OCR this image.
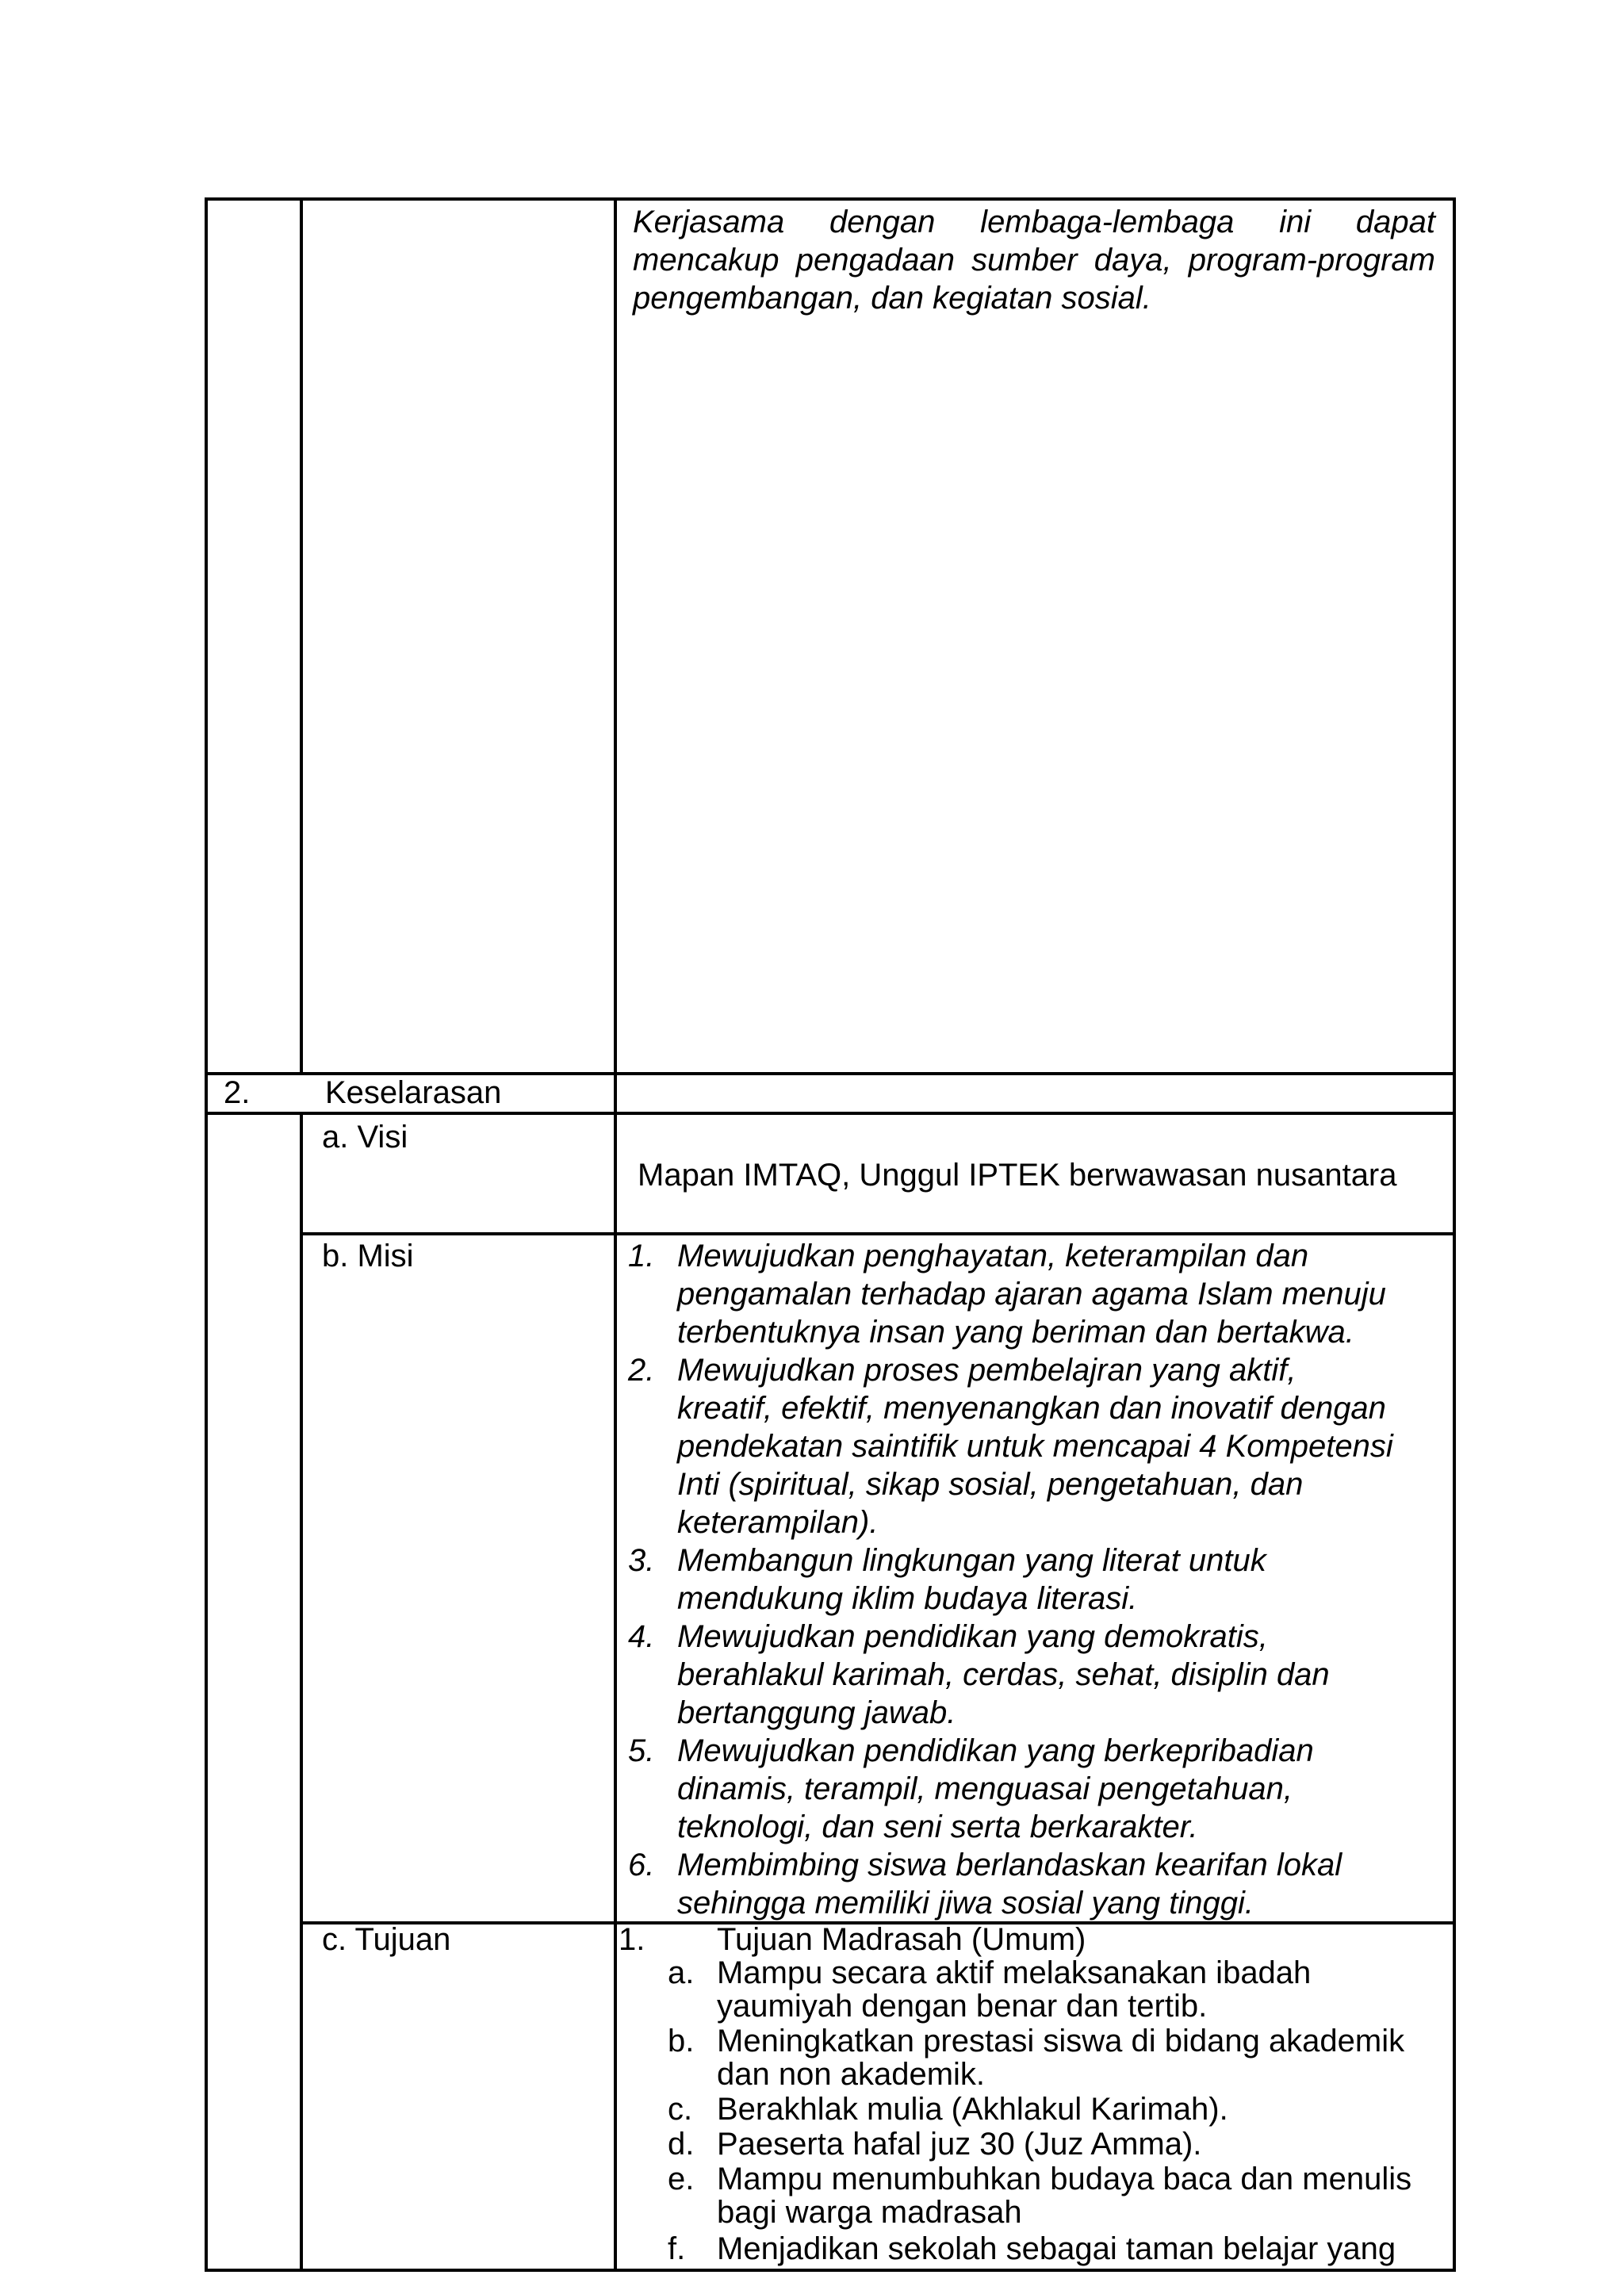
Kerjasama dengan lembaga-lembaga ini dapat
mencakup pengadaan sumber daya, program-program
pengembangan, dan kegiatan sosial.
2. Keselarasan
a. Visi
Mapan IMTAQ, Unggul IPTEK berwawasan nusantara
b. Misi	1. Mewujudkan penghayatan, keterampilan dan
pengamalan terhadap ajaran agama Islam menuju
terbentuknya insan yang beriman dan bertakwa.
2. Mewujudkan proses pembelajran yang aktif,
kreatif, efektif, menyenangkan dan inovatif dengan
pendekatan saintifik untuk mencapai 4 Kompetensi
Inti (spiritual, sikap sosial, pengetahuan, dan
keterampilan).
3. Membangun lingkungan yang literat untuk
mendukung iklim budaya literasi.
4. Mewujudkan pendidikan yang demokratis,
berahlakul karimah, cerdas, sehat, disiplin dan
bertanggung jawab.
5. Mewujudkan pendidikan yang berkepribadian
dinamis, terampil, menguasai pengetahuan,
teknologi, dan seni serta berkarakter.
6. Membimbing siswa berlandaskan kearifan lokal
sehingga memiliki jiwa sosial yang tinggi.
c. Tujuan	1. Tujuan Madrasah (Umum)
a. Mampu secara aktif melaksanakan ibadah
yaumiyah dengan benar dan tertib.
b. Meningkatkan prestasi siswa di bidang akademik
dan non akademik.
c. Berakhlak mulia (Akhlakul Karimah).
d. Paeserta hafal juz 30 (Juz Amma).
e. Mampu menumbuhkan budaya baca dan menulis
bagi warga madrasah
f. Menjadikan sekolah sebagai taman belajar yang
